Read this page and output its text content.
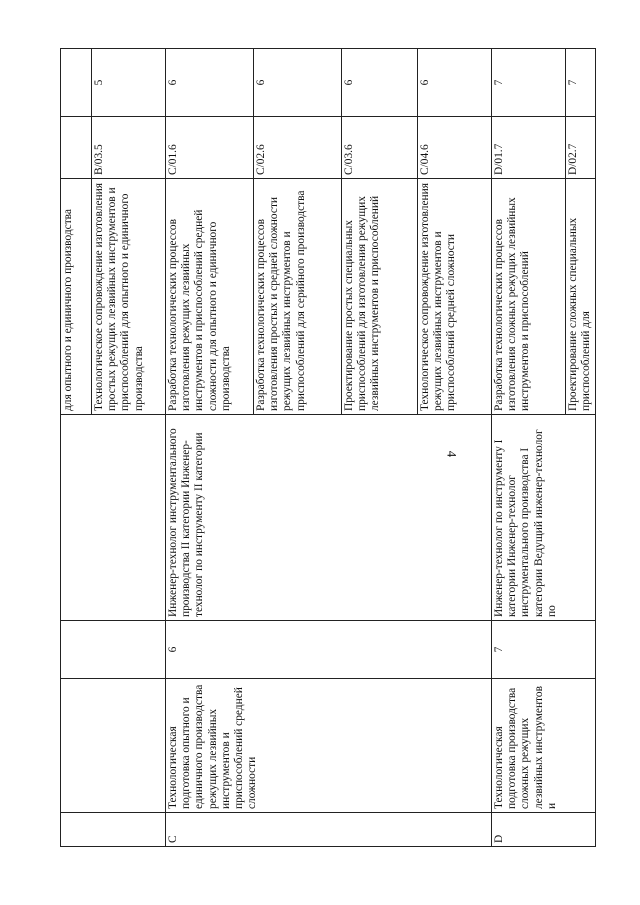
4
				для опытного и единичного производства		
				Технологическое сопровождение изготовления простых режущих лезвийных инструментов и приспособлений для опытного и единичного производства	В/03.5	5
C	Технологическая подготовка опытного и единичного производства режущих лезвийных инструментов и приспособлений средней сложности	6	Инженер-технолог инструментального производства II категории Инженер-технолог по инструменту II категории	Разработка технологических процессов изготовления режущих лезвийных инструментов и приспособлений средней сложности для опытного и единичного производства	C/01.6	6
				Разработка технологических процессов изготовления простых и средней сложности режущих лезвийных инструментов и приспособлений для серийного производства	C/02.6	6
				Проектирование простых специальных приспособлений для изготовления режущих лезвийных инструментов и приспособлений	C/03.6	6
				Технологическое сопровождение изготовления режущих лезвийных инструментов и приспособлений средней сложности	C/04.6	6
D	Технологическая подготовка производства сложных режущих лезвийных инструментов и	7	Инженер-технолог по инструменту I категории Инженер-технолог инструментального производства I категории Ведущий инженер-технолог по	Разработка технологических процессов изготовления сложных режущих лезвийных инструментов и приспособлений	D/01.7	7
				Проектирование сложных специальных приспособлений для	D/02.7	7
